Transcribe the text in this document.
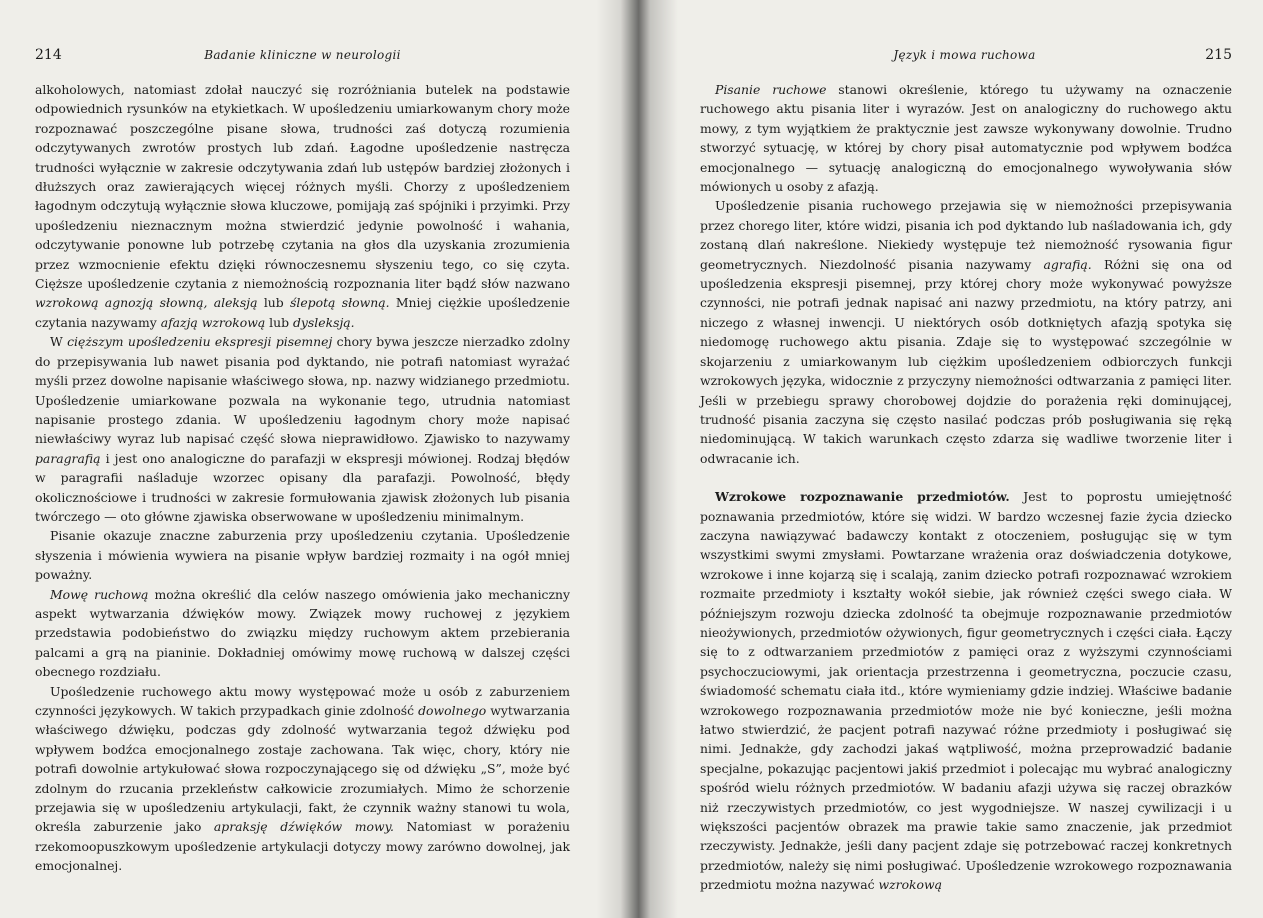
214	Badanie kliniczne w neurologii

alkoholowych, natomiast zdołał nauczyć się rozróżniania butelek na podstawie odpowiednich rysunków na etykietkach. W upośledzeniu umiarkowanym chory może rozpoznawać poszczególne pisane słowa, trudności zaś dotyczą rozumienia odczytywanych zwrotów prostych lub zdań. Łagodne upośledzenie nastręcza trudności wyłącznie w zakresie odczytywania zdań lub ustępów bardziej złożonych i dłuższych oraz zawierających więcej różnych myśli. Chorzy z upośledzeniem łagodnym odczytują wyłącznie słowa kluczowe, pomijają zaś spójniki i przyimki. Przy upośledzeniu nieznacznym można stwierdzić jedynie powolność i wahania, odczytywanie ponowne lub potrzebę czytania na głos dla uzyskania zrozumienia przez wzmocnienie efektu dzięki równoczesnemu słyszeniu tego, co się czyta. Cięższe upośledzenie czytania z niemożnością rozpoznania liter bądź słów nazwano wzrokową agnozją słowną, aleksją lub ślepotą słowną. Mniej ciężkie upośledzenie czytania nazywamy afazją wzrokową lub dysleksją.

W cięższym upośledzeniu ekspresji pisemnej chory bywa jeszcze nierzadko zdolny do przepisywania lub nawet pisania pod dyktando, nie potrafi natomiast wyrażać myśli przez dowolne napisanie właściwego słowa, np. nazwy widzianego przedmiotu. Upośledzenie umiarkowane pozwala na wykonanie tego, utrudnia natomiast napisanie prostego zdania. W upośledzeniu łagodnym chory może napisać niewłaściwy wyraz lub napisać część słowa nieprawidłowo. Zjawisko to nazywamy paragrafią i jest ono analogiczne do parafazji w ekspresji mówionej. Rodzaj błędów w paragrafii naśladuje wzorzec opisany dla parafazji. Powolność, błędy okolicznościowe i trudności w zakresie formułowania zjawisk złożonych lub pisania twórczego — oto główne zjawiska obserwowane w upośledzeniu minimalnym.

Pisanie okazuje znaczne zaburzenia przy upośledzeniu czytania. Upośledzenie słyszenia i mówienia wywiera na pisanie wpływ bardziej rozmaity i na ogół mniej poważny.

Mowę ruchową można określić dla celów naszego omówienia jako mechaniczny aspekt wytwarzania dźwięków mowy. Związek mowy ruchowej z językiem przedstawia podobieństwo do związku między ruchowym aktem przebierania palcami a grą na pianinie. Dokładniej omówimy mowę ruchową w dalszej części obecnego rozdziału.

Upośledzenie ruchowego aktu mowy występować może u osób z zaburzeniem czynności językowych. W takich przypadkach ginie zdolność dowolnego wytwarzania właściwego dźwięku, podczas gdy zdolność wytwarzania tegoż dźwięku pod wpływem bodźca emocjonalnego zostaje zachowana. Tak więc, chory, który nie potrafi dowolnie artykułować słowa rozpoczynającego się od dźwięku „S”, może być zdolnym do rzucania przekleństw całkowicie zrozumiałych. Mimo że schorzenie przejawia się w upośledzeniu artykulacji, fakt, że czynnik ważny stanowi tu wola, określa zaburzenie jako apraksję dźwięków mowy. Natomiast w porażeniu rzekomoopuszkowym upośledzenie artykulacji dotyczy mowy zarówno dowolnej, jak emocjonalnej.

Język i mowa ruchowa	215

Pisanie ruchowe stanowi określenie, którego tu używamy na oznaczenie ruchowego aktu pisania liter i wyrazów. Jest on analogiczny do ruchowego aktu mowy, z tym wyjątkiem że praktycznie jest zawsze wykonywany dowolnie. Trudno stworzyć sytuację, w której by chory pisał automatycznie pod wpływem bodźca emocjonalnego — sytuację analogiczną do emocjonalnego wywoływania słów mówionych u osoby z afazją.

Upośledzenie pisania ruchowego przejawia się w niemożności przepisywania przez chorego liter, które widzi, pisania ich pod dyktando lub naśladowania ich, gdy zostaną dlań nakreślone. Niekiedy występuje też niemożność rysowania figur geometrycznych. Niezdolność pisania nazywamy agrafią. Różni się ona od upośledzenia ekspresji pisemnej, przy której chory może wykonywać powyższe czynności, nie potrafi jednak napisać ani nazwy przedmiotu, na który patrzy, ani niczego z własnej inwencji. U niektórych osób dotkniętych afazją spotyka się niedomogę ruchowego aktu pisania. Zdaje się to występować szczególnie w skojarzeniu z umiarkowanym lub ciężkim upośledzeniem odbiorczych funkcji wzrokowych języka, widocznie z przyczyny niemożności odtwarzania z pamięci liter. Jeśli w przebiegu sprawy chorobowej dojdzie do porażenia ręki dominującej, trudność pisania zaczyna się często nasilać podczas prób posługiwania się ręką niedominującą. W takich warunkach często zdarza się wadliwe tworzenie liter i odwracanie ich.

Wzrokowe rozpoznawanie przedmiotów. Jest to poprostu umiejętność poznawania przedmiotów, które się widzi. W bardzo wczesnej fazie życia dziecko zaczyna nawiązywać badawczy kontakt z otoczeniem, posługując się w tym wszystkimi swymi zmysłami. Powtarzane wrażenia oraz doświadczenia dotykowe, wzrokowe i inne kojarzą się i scalają, zanim dziecko potrafi rozpoznawać wzrokiem rozmaite przedmioty i kształty wokół siebie, jak również części swego ciała. W późniejszym rozwoju dziecka zdolność ta obejmuje rozpoznawanie przedmiotów nieożywionych, przedmiotów ożywionych, figur geometrycznych i części ciała. Łączy się to z odtwarzaniem przedmiotów z pamięci oraz z wyższymi czynnościami psychoczuciowymi, jak orientacja przestrzenna i geometryczna, poczucie czasu, świadomość schematu ciała itd., które wymieniamy gdzie indziej. Właściwe badanie wzrokowego rozpoznawania przedmiotów może nie być konieczne, jeśli można łatwo stwierdzić, że pacjent potrafi nazywać różne przedmioty i posługiwać się nimi. Jednakże, gdy zachodzi jakaś wątpliwość, można przeprowadzić badanie specjalne, pokazując pacjentowi jakiś przedmiot i polecając mu wybrać analogiczny spośród wielu różnych przedmiotów. W badaniu afazji używa się raczej obrazków niż rzeczywistych przedmiotów, co jest wygodniejsze. W naszej cywilizacji i u większości pacjentów obrazek ma prawie takie samo znaczenie, jak przedmiot rzeczywisty. Jednakże, jeśli dany pacjent zdaje się potrzebować raczej konkretnych przedmiotów, należy się nimi posługiwać. Upośledzenie wzrokowego rozpoznawania przedmiotu można nazywać wzrokową
